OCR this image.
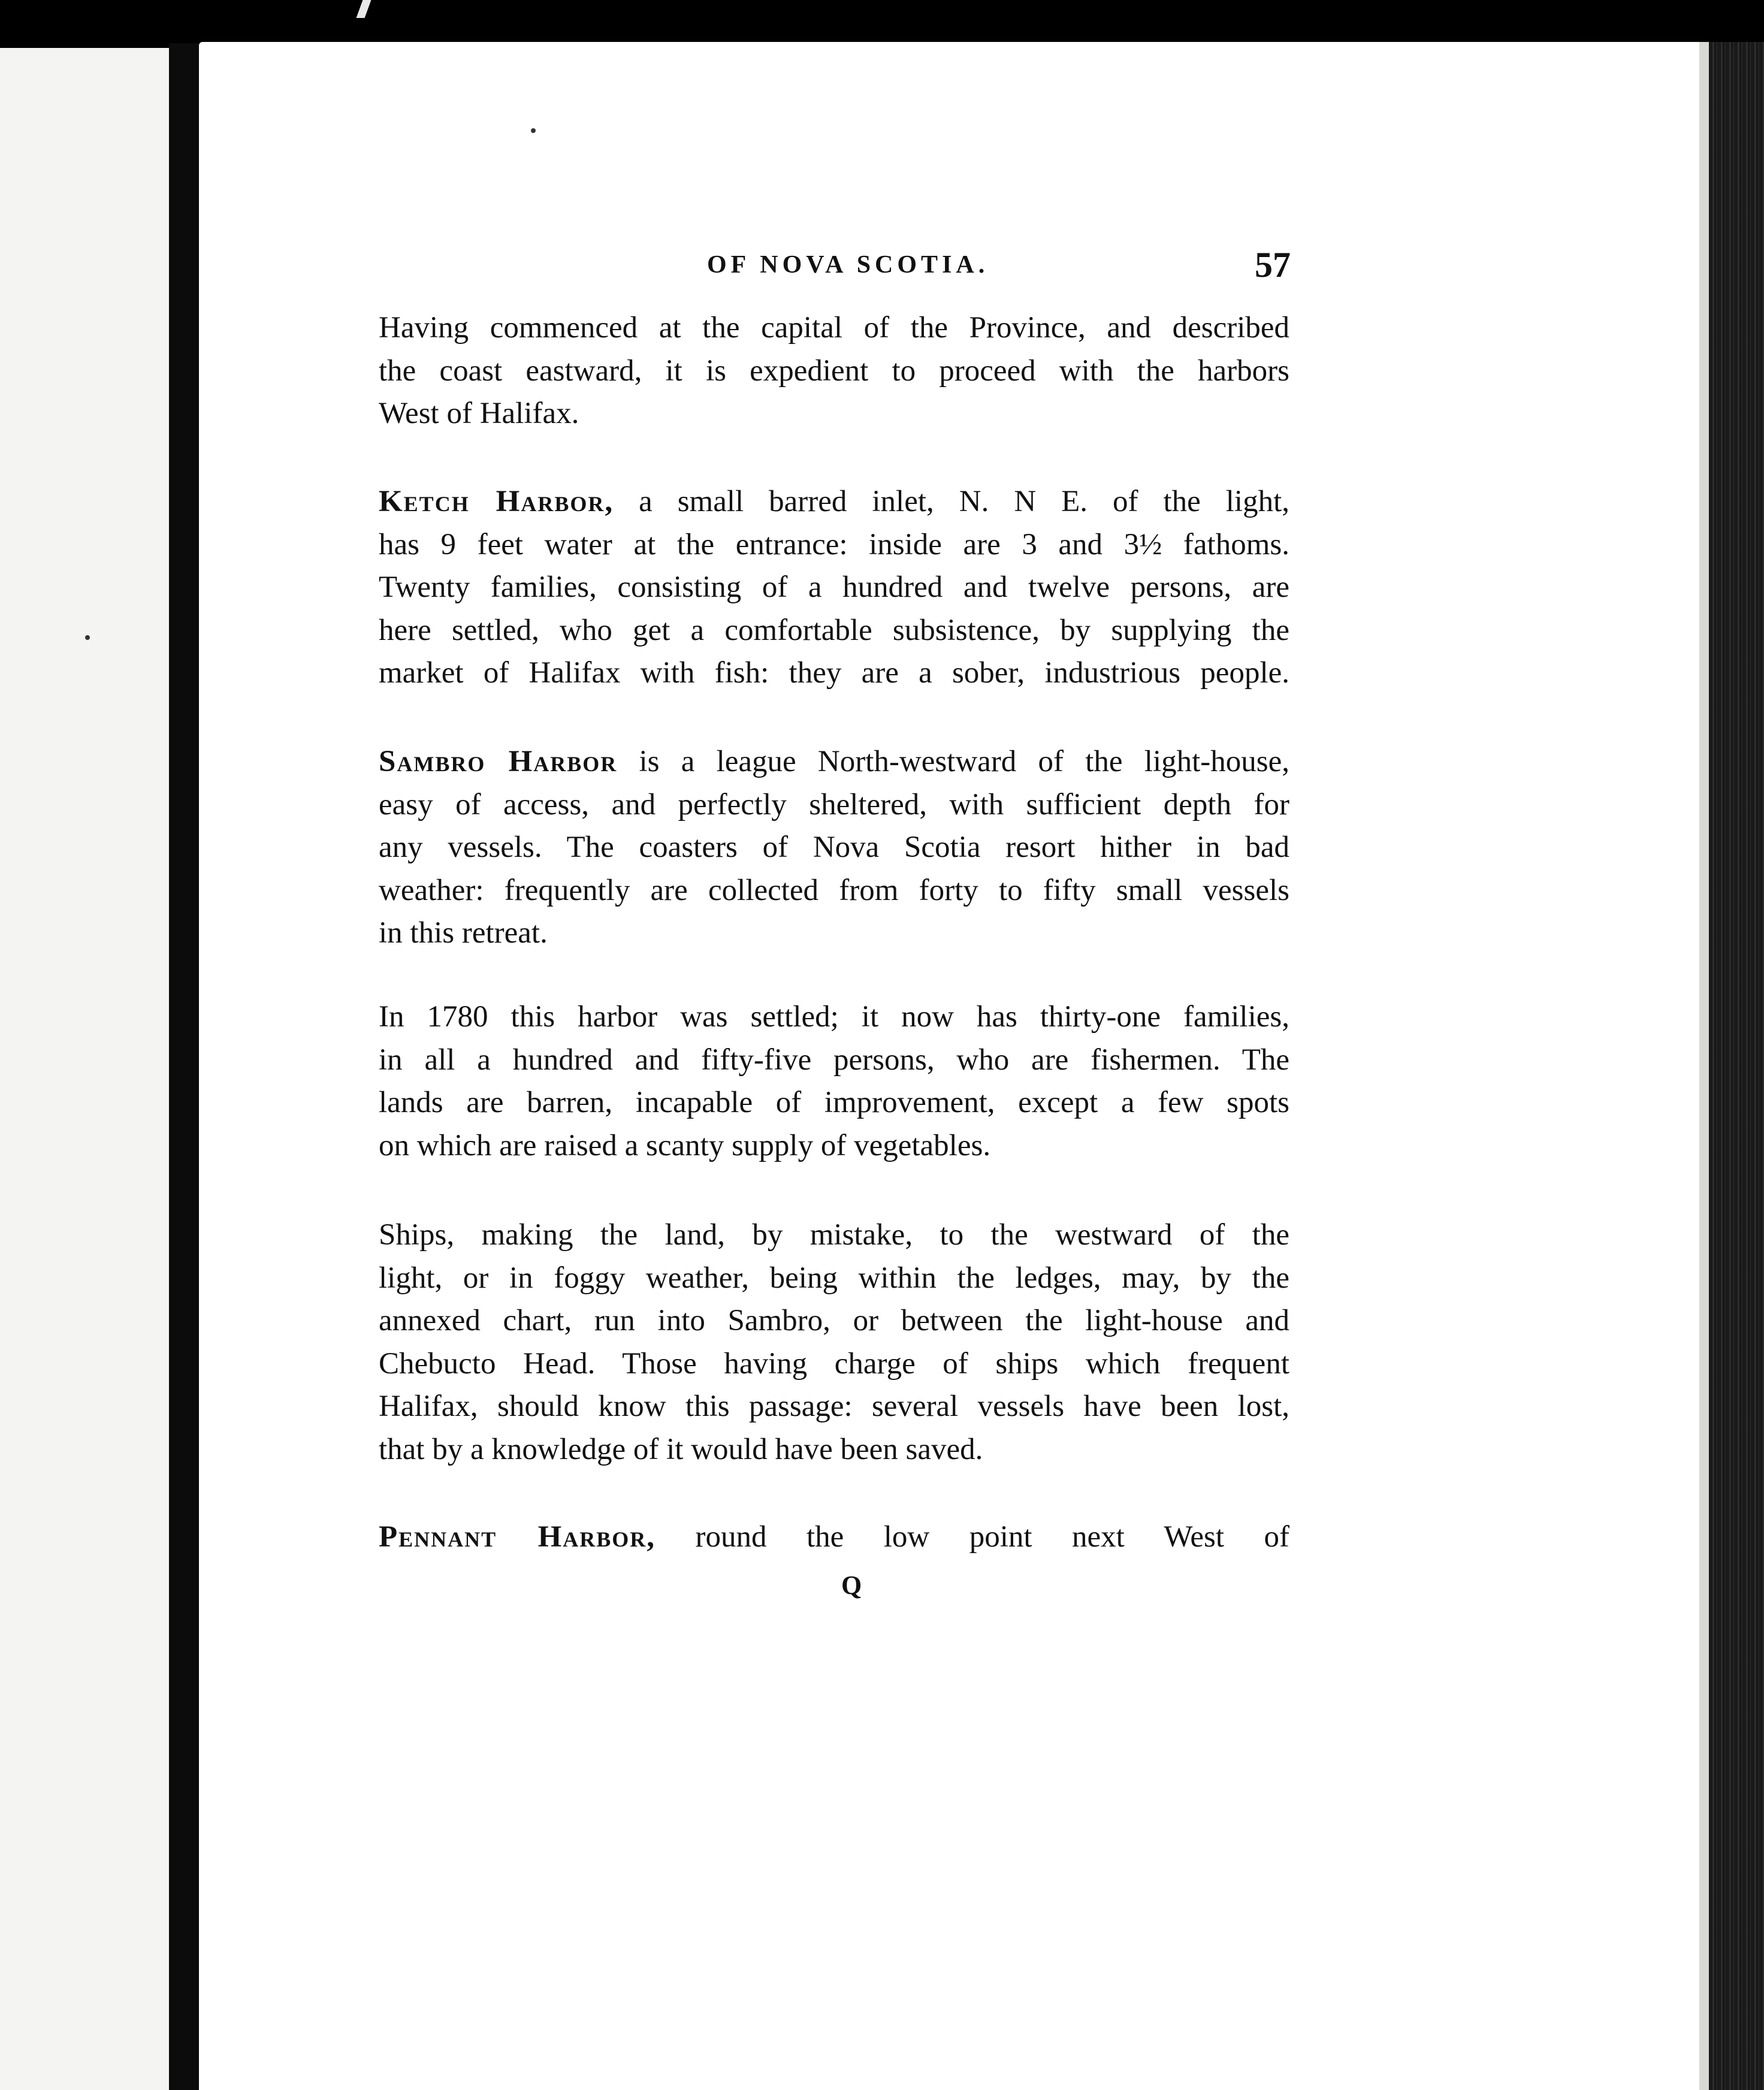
OF NOVA SCOTIA.	57
Having commenced at the capital of the Province, and described
the coast eastward, it is expedient to proceed with the harbors
West of Halifax.
Ketch Harbor, a small barred inlet, N. N E. of the light,
has 9 feet water at the entrance: inside are 3 and 3½ fathoms.
Twenty families, consisting of a hundred and twelve persons, are
here settled, who get a comfortable subsistence, by supplying the
market of Halifax with fish: they are a sober, industrious people.
Sambro Harbor is a league North-westward of the light-house,
easy of access, and perfectly sheltered, with sufficient depth for
any vessels. The coasters of Nova Scotia resort hither in bad
weather: frequently are collected from forty to fifty small vessels
in this retreat.
In 1780 this harbor was settled; it now has thirty-one families,
in all a hundred and fifty-five persons, who are fishermen. The
lands are barren, incapable of improvement, except a few spots
on which are raised a scanty supply of vegetables.
Ships, making the land, by mistake, to the westward of the
light, or in foggy weather, being within the ledges, may, by the
annexed chart, run into Sambro, or between the light-house and
Chebucto Head. Those having charge of ships which frequent
Halifax, should know this passage: several vessels have been lost,
that by a knowledge of it would have been saved.
Pennant Harbor, round the low point next West of
Q
